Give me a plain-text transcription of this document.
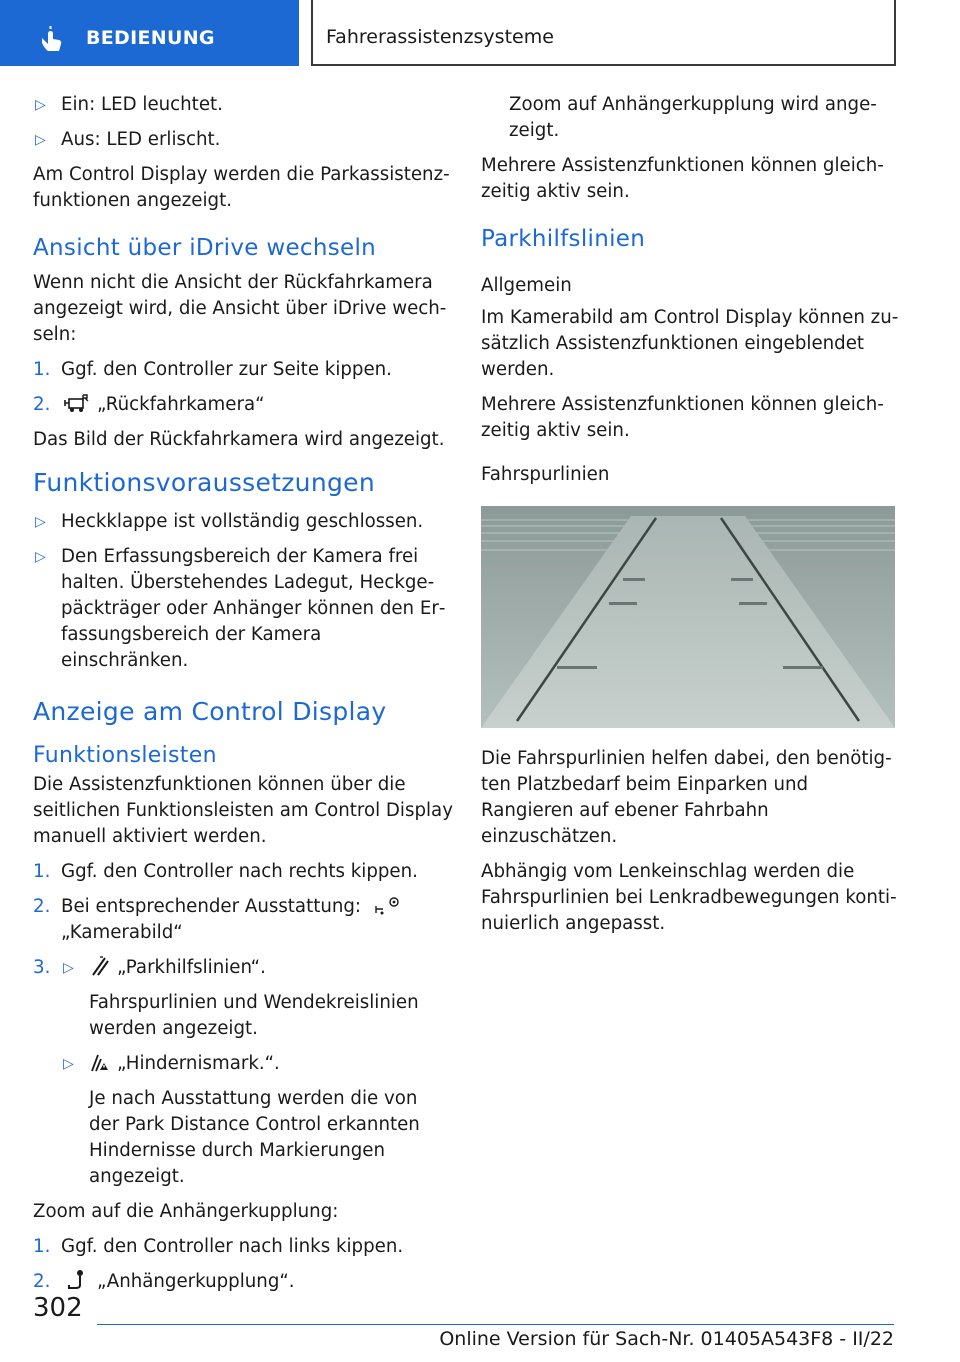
BEDIENUNG	Fahrerassistenzsysteme
▷ Ein: LED leuchtet.
▷ Aus: LED erlischt.
Am Control Display werden die Parkassistenzfunktionen angezeigt.
Ansicht über iDrive wechseln
Wenn nicht die Ansicht der Rückfahrkamera angezeigt wird, die Ansicht über iDrive wechseln:
1. Ggf. den Controller zur Seite kippen.
2.	„Rückfahrkamera“
Das Bild der Rückfahrkamera wird angezeigt.
Funktionsvoraussetzungen
▷ Heckklappe ist vollständig geschlossen.
▷ Den Erfassungsbereich der Kamera frei halten. Überstehendes Ladegut, Heckgepäckträger oder Anhänger können den Erfassungsbereich der Kamera einschränken.
Anzeige am Control Display
Funktionsleisten
Die Assistenzfunktionen können über die seitlichen Funktionsleisten am Control Display manuell aktiviert werden.
1. Ggf. den Controller nach rechts kippen.
2. Bei entsprechender Ausstattung:
„Kamerabild“
3. ▷ „Parkhilfslinien“.
Fahrspurlinien und Wendekreislinien werden angezeigt.
▷ „Hindernismark.“.
Je nach Ausstattung werden die von der Park Distance Control erkannten Hindernisse durch Markierungen angezeigt.
Zoom auf die Anhängerkupplung:
1. Ggf. den Controller nach links kippen.
2.	„Anhängerkupplung“.
Zoom auf Anhängerkupplung wird angezeigt.
Mehrere Assistenzfunktionen können gleichzeitig aktiv sein.
Parkhilfslinien
Allgemein
Im Kamerabild am Control Display können zusätzlich Assistenzfunktionen eingeblendet werden.
Mehrere Assistenzfunktionen können gleichzeitig aktiv sein.
Fahrspurlinien
Die Fahrspurlinien helfen dabei, den benötigten Platzbedarf beim Einparken und Rangieren auf ebener Fahrbahn einzuschätzen.
Abhängig vom Lenkeinschlag werden die Fahrspurlinien bei Lenkradbewegungen kontinuierlich angepasst.
302
Online Version für Sach-Nr. 01405A543F8 - II/22
